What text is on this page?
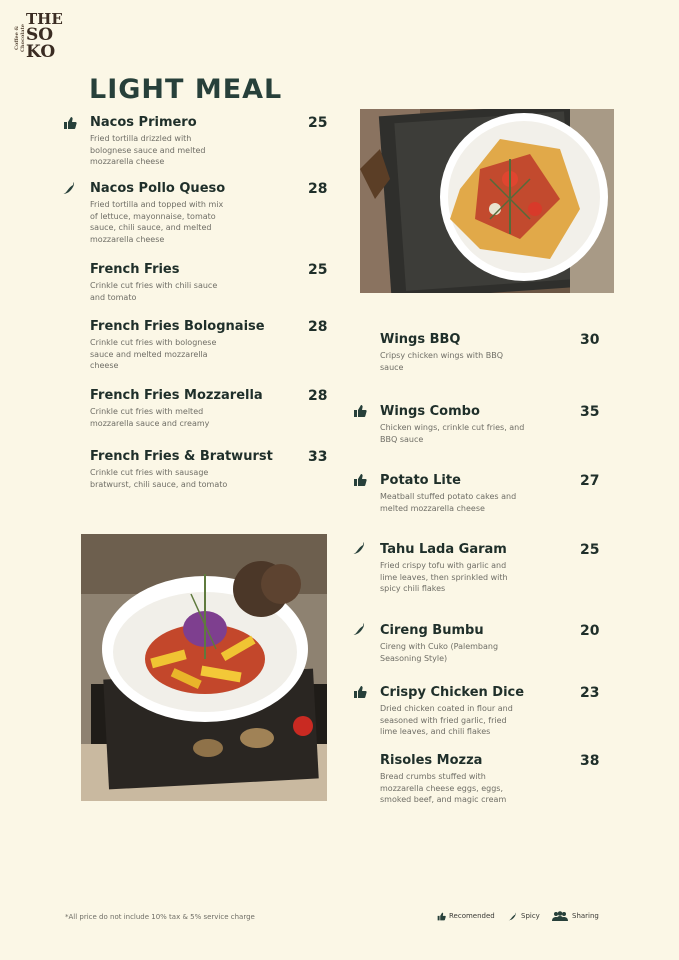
Coffee & Chocolate
THE
SO
KO
LIGHT MEAL
Nacos Primero	25
Fried tortilla drizzled with
bolognese sauce and melted
mozzarella cheese
Nacos Pollo Queso	28
Fried tortilla and topped with mix
of lettuce, mayonnaise, tomato
sauce, chili sauce, and melted
mozzarella cheese
French Fries	25
Crinkle cut fries with chili sauce
and tomato
French Fries Bolognaise	28
Crinkle cut fries with bolognese
sauce and melted mozzarella
cheese
French Fries Mozzarella	28
Crinkle cut fries with melted
mozzarella sauce and creamy
French Fries & Bratwurst	33
Crinkle cut fries with sausage
bratwurst, chili sauce, and tomato
Wings BBQ	30
Cripsy chicken wings with BBQ
sauce
Wings Combo	35
Chicken wings, crinkle cut fries, and
BBQ sauce
Potato Lite	27
Meatball stuffed potato cakes and
melted mozzarella cheese
Tahu Lada Garam	25
Fried crispy tofu with garlic and
lime leaves, then sprinkled with
spicy chili flakes
Cireng Bumbu	20
Cireng with Cuko (Palembang
Seasoning Style)
Crispy Chicken Dice	23
Dried chicken coated in flour and
seasoned with fried garlic, fried
lime leaves, and chili flakes
Risoles Mozza	38
Bread crumbs stuffed with
mozzarella cheese eggs, eggs,
smoked beef, and magic cream
*All price do not include 10% tax & 5% service charge	Recomended	Spicy	Sharing
